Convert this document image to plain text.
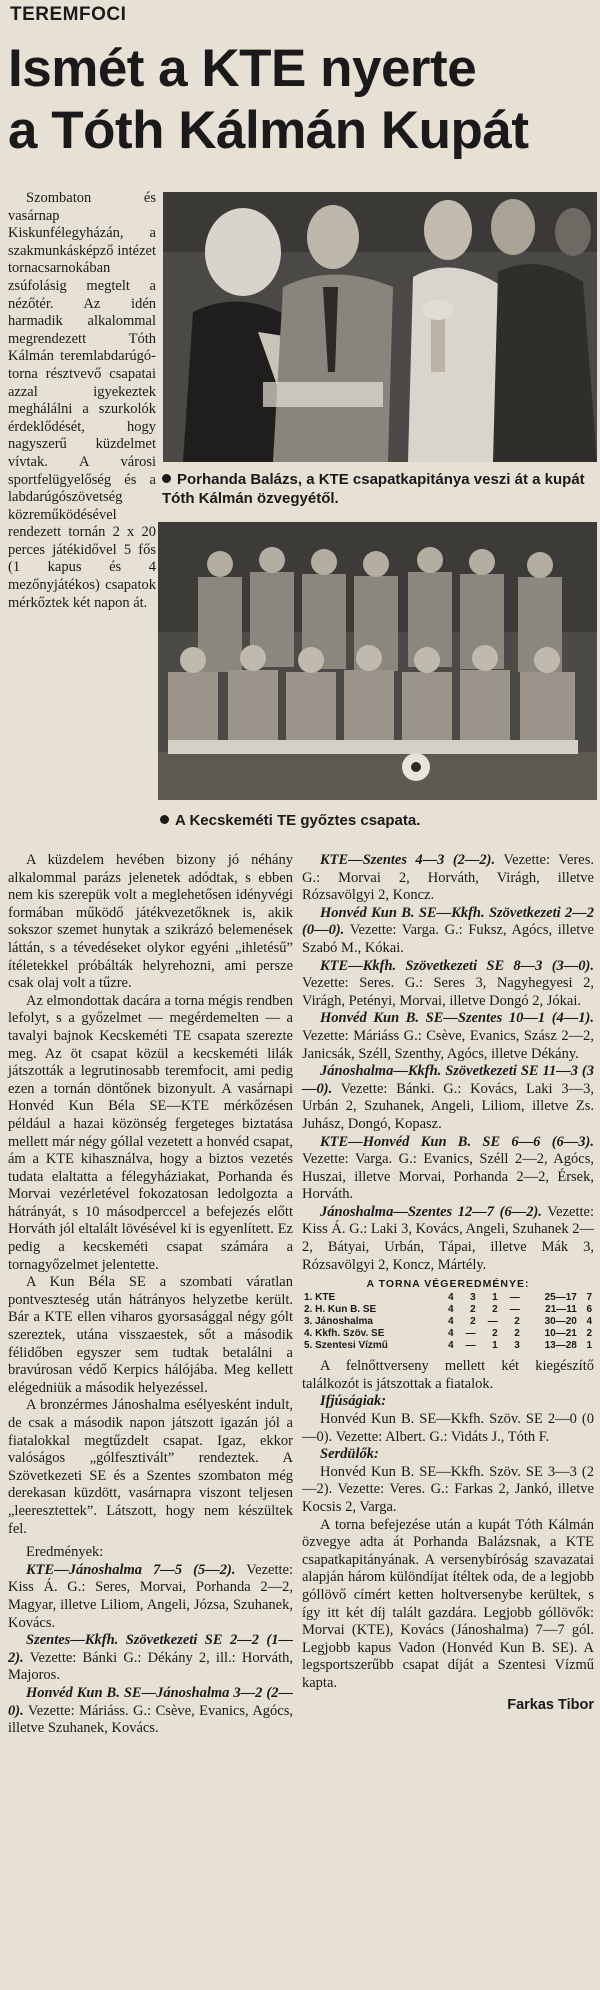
TEREMFOCI
Ismét a KTE nyerte
a Tóth Kálmán Kupát

Szombaton és vasárnap Kiskunfélegyházán, a szakmunkásképző intézet tornacsarnokában zsúfolásig megtelt a nézőtér. Az idén harmadik alkalommal megrendezett Tóth Kálmán teremlabdarúgó-torna résztvevő csapatai azzal igyekeztek meghálálni a szurkolók érdeklődését, hogy nagyszerű küzdelmet vívtak. A városi sportfelügyelőség és a labdarúgószövetség közreműködésével rendezett tornán 2 x 20 perces játékidővel 5 fős (1 kapus és 4 mezőnyjátékos) csapatok mérkőztek két napon át.

Porhanda Balázs, a KTE csapatkapitánya veszi át a kupát Tóth Kálmán özvegyétől.
A Kecskeméti TE győztes csapata.

A küzdelem hevében bizony jó néhány alkalommal parázs jelenetek adódtak, s ebben nem kis szerepük volt a meglehetősen idényvégi formában működő játékvezetőknek is, akik sokszor szemet hunytak a szikrázó belemenések láttán, s a tévedéseket olykor egyéni „ihletésű” ítéletekkel próbálták helyrehozni, ami persze csak olaj volt a tűzre.

Az elmondottak dacára a torna mégis rendben lefolyt, s a győzelmet — megérdemelten — a tavalyi bajnok Kecskeméti TE csapata szerezte meg. Az öt csapat közül a kecskeméti lilák játszották a legrutinosabb teremfocit, ami pedig ezen a tornán döntőnek bizonyult. A vasárnapi Honvéd Kun Béla SE—KTE mérkőzésen például a hazai közönség fergeteges biztatása mellett már négy góllal vezetett a honvéd csapat, ám a KTE kihasználva, hogy a biztos vezetés tudata elaltatta a félegyháziakat, Porhanda és Morvai vezérletével fokozatosan ledolgozta a hátrányát, s 10 másodperccel a befejezés előtt Horváth jól eltalált lövésével ki is egyenlített. Ez pedig a kecskeméti csapat számára a tornagyőzelmet jelentette.

A Kun Béla SE a szombati váratlan pontveszteség után hátrányos helyzetbe került. Bár a KTE ellen viharos gyorsasággal négy gólt szereztek, utána visszaestek, sőt a második félidőben egyszer sem tudtak betalálni a bravúrosan védő Kerpics hálójába. Meg kellett elégedniük a második helyezéssel.

A bronzérmes Jánoshalma esélyesként indult, de csak a második napon játszott igazán jól a fiatalokkal megtűzdelt csapat. Igaz, ekkor valóságos „gólfesztivált” rendeztek. A Szövetkezeti SE és a Szentes szombaton még derekasan küzdött, vasárnapra viszont teljesen „leeresztettek”. Látszott, hogy nem készültek fel.

Eredmények:

KTE—Jánoshalma 7—5 (5—2). Vezette: Kiss Á. G.: Seres, Morvai, Porhanda 2—2, Magyar, illetve Liliom, Angeli, Józsa, Szuhanek, Kovács.

Szentes—Kkfh. Szövetkezeti SE 2—2 (1—2). Vezette: Bánki G.: Dékány 2, ill.: Horváth, Majoros.

Honvéd Kun B. SE—Jánoshalma 3—2 (2—0). Vezette: Máriáss. G.: Csève, Evanics, Agócs, illetve Szuhanek, Kovács.

KTE—Szentes 4—3 (2—2). Vezette: Veres. G.: Morvai 2, Horváth, Virágh, illetve Rózsavölgyi 2, Koncz.

Honvéd Kun B. SE—Kkfh. Szövetkezeti 2—2 (0—0). Vezette: Varga. G.: Fuksz, Agócs, illetve Szabó M., Kókai.

KTE—Kkfh. Szövetkezeti SE 8—3 (3—0). Vezette: Seres. G.: Seres 3, Nagyhegyesi 2, Virágh, Petényi, Morvai, illetve Dongó 2, Jókai.

Honvéd Kun B. SE—Szentes 10—1 (4—1). Vezette: Máriáss G.: Csève, Evanics, Szász 2—2, Janicsák, Széll, Szenthy, Agócs, illetve Dékány.

Jánoshalma—Kkfh. Szövetkezeti SE 11—3 (3—0). Vezette: Bánki. G.: Kovács, Laki 3—3, Urbán 2, Szuhanek, Angeli, Liliom, illetve Zs. Juhász, Dongó, Kopasz.

KTE—Honvéd Kun B. SE 6—6 (6—3). Vezette: Varga. G.: Evanics, Széll 2—2, Agócs, Huszai, illetve Morvai, Porhanda 2—2, Érsek, Horváth.

Jánoshalma—Szentes 12—7 (6—2). Vezette: Kiss Á. G.: Laki 3, Kovács, Angeli, Szuhanek 2—2, Bátyai, Urbán, Tápai, illetve Mák 3, Rózsavölgyi 2, Koncz, Mártély.

A TORNA VÉGEREDMÉNYE:
1. KTE	4	3	1	—	25—17	7
2. H. Kun B. SE	4	2	2	—	21—11	6
3. Jánoshalma	4	2	—	2	30—20	4
4. Kkfh. Szöv. SE	4	—	2	2	10—21	2
5. Szentesi Vízmű	4	—	1	3	13—28	1

A felnőttverseny mellett két kiegészítő találkozót is játszottak a fiatalok.

Ifjúságiak:

Honvéd Kun B. SE—Kkfh. Szöv. SE 2—0 (0—0). Vezette: Albert. G.: Vidáts J., Tóth F.

Serdülők:

Honvéd Kun B. SE—Kkfh. Szöv. SE 3—3 (2—2). Vezette: Veres. G.: Farkas 2, Jankó, illetve Kocsis 2, Varga.

A torna befejezése után a kupát Tóth Kálmán özvegye adta át Porhanda Balázsnak, a KTE csapatkapitányának. A versenybíróság szavazatai alapján három különdíjat ítéltek oda, de a legjobb góllövő címért ketten holtversenybe kerültek, s így itt két díj talált gazdára. Legjobb góllövők: Morvai (KTE), Kovács (Jánoshalma) 7—7 gól. Legjobb kapus Vadon (Honvéd Kun B. SE). A legsportszerűbb csapat díját a Szentesi Vízmű kapta.

Farkas Tibor
